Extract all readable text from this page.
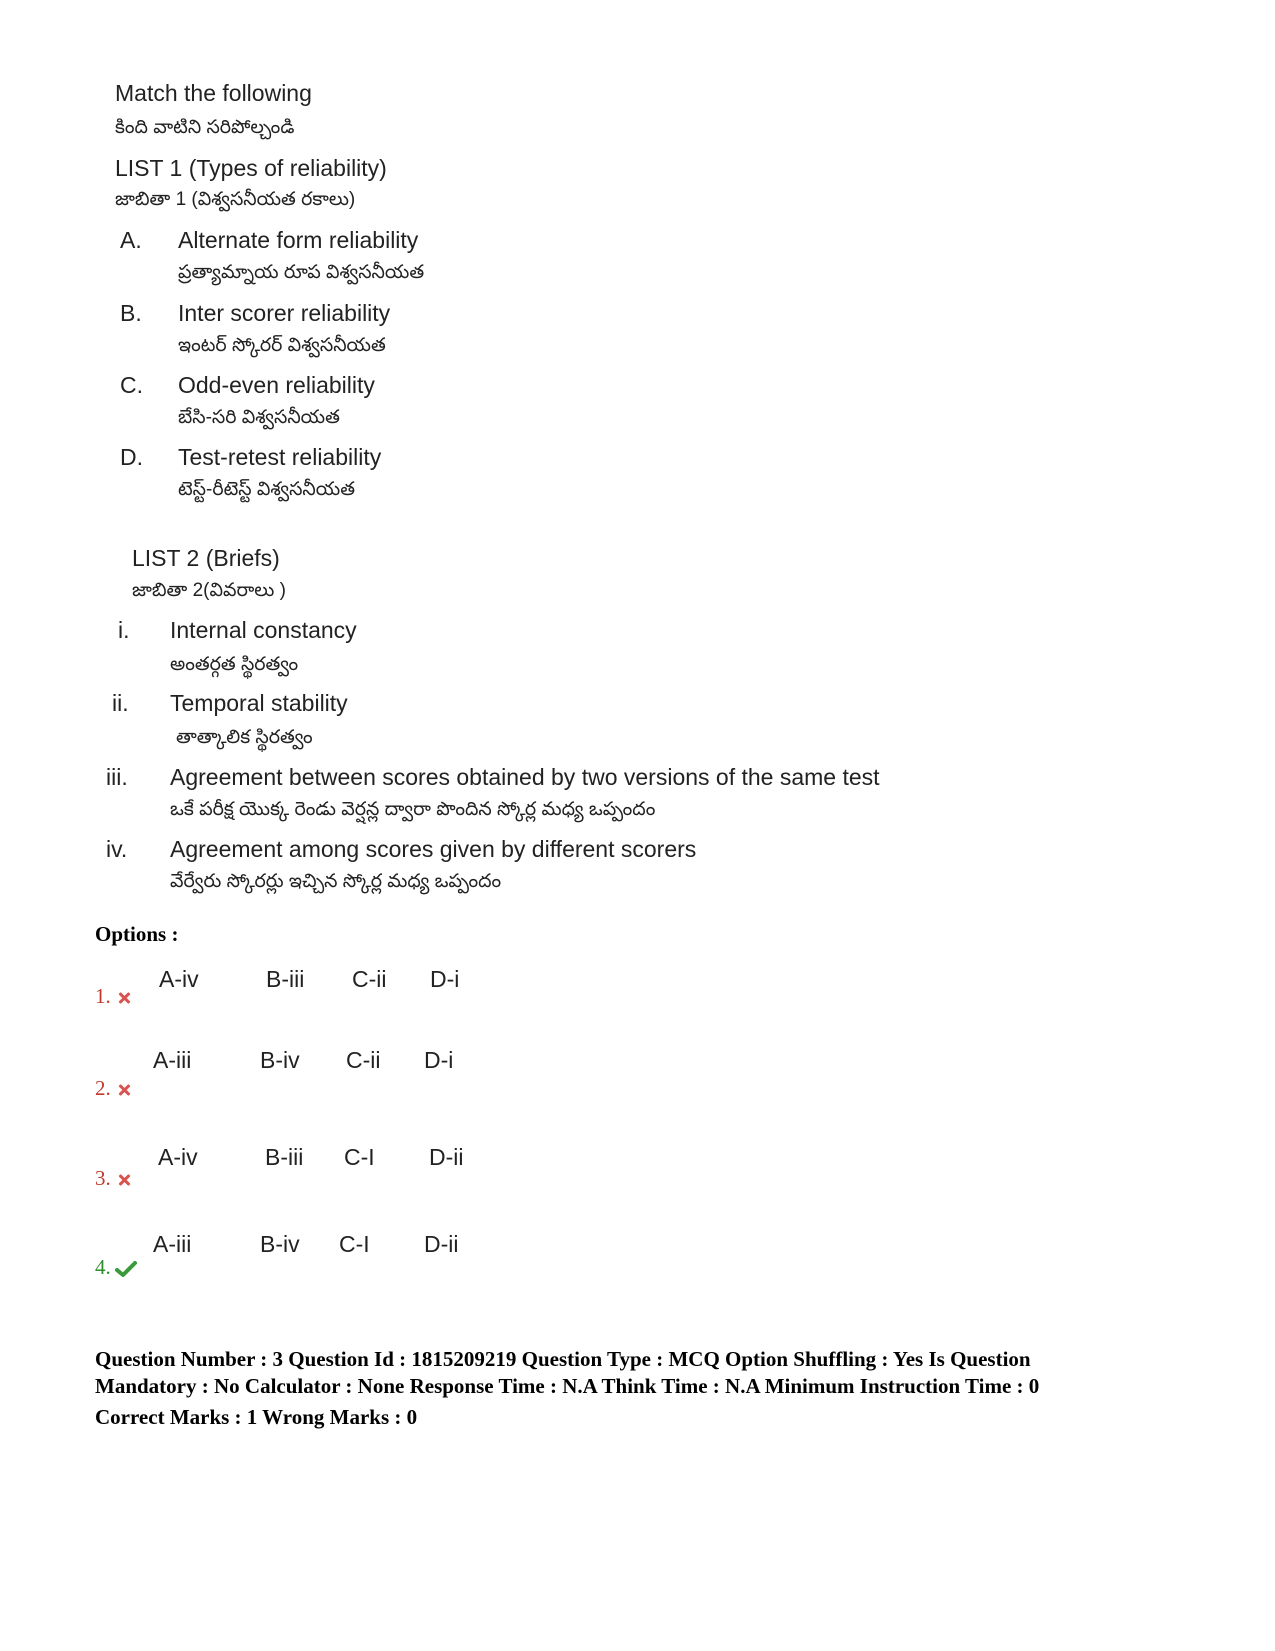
Match the following
కింది వాటిని సరిపోల్చండి
LIST 1 (Types of reliability)
జాబితా 1 (విశ్వసనీయత రకాలు)
A. Alternate form reliability
ప్రత్యామ్నాయ రూప విశ్వసనీయత
B. Inter scorer reliability
ఇంటర్ స్కోరర్ విశ్వసనీయత
C. Odd-even reliability
బేసి-సరి విశ్వసనీయత
D. Test-retest reliability
టెస్ట్-రీటెస్ట్ విశ్వసనీయత
LIST 2 (Briefs)
జాబితా 2(వివరాలు )
i. Internal constancy
అంతర్గత స్థిరత్వం
ii. Temporal stability
తాత్కాలిక స్థిరత్వం
iii. Agreement between scores obtained by two versions of the same test
ఒకే పరీక్ష యొక్క రెండు వెర్షన్ల ద్వారా పొందిన స్కోర్ల మధ్య ఒప్పందం
iv. Agreement among scores given by different scorers
వేర్వేరు స్కోరర్లు ఇచ్చిన స్కోర్ల మధ్య ఒప్పందం
Options :
1.
A-iv	B-iii C-ii D-i
2.
A-iii	B-iv C-ii D-i
3.
A-iv	B-iii C-I D-ii
4.
A-iii	B-iv C-I D-ii
Question Number : 3 Question Id : 1815209219 Question Type : MCQ Option Shuffling : Yes Is Question
Mandatory : No Calculator : None Response Time : N.A Think Time : N.A Minimum Instruction Time : 0
Correct Marks : 1 Wrong Marks : 0
